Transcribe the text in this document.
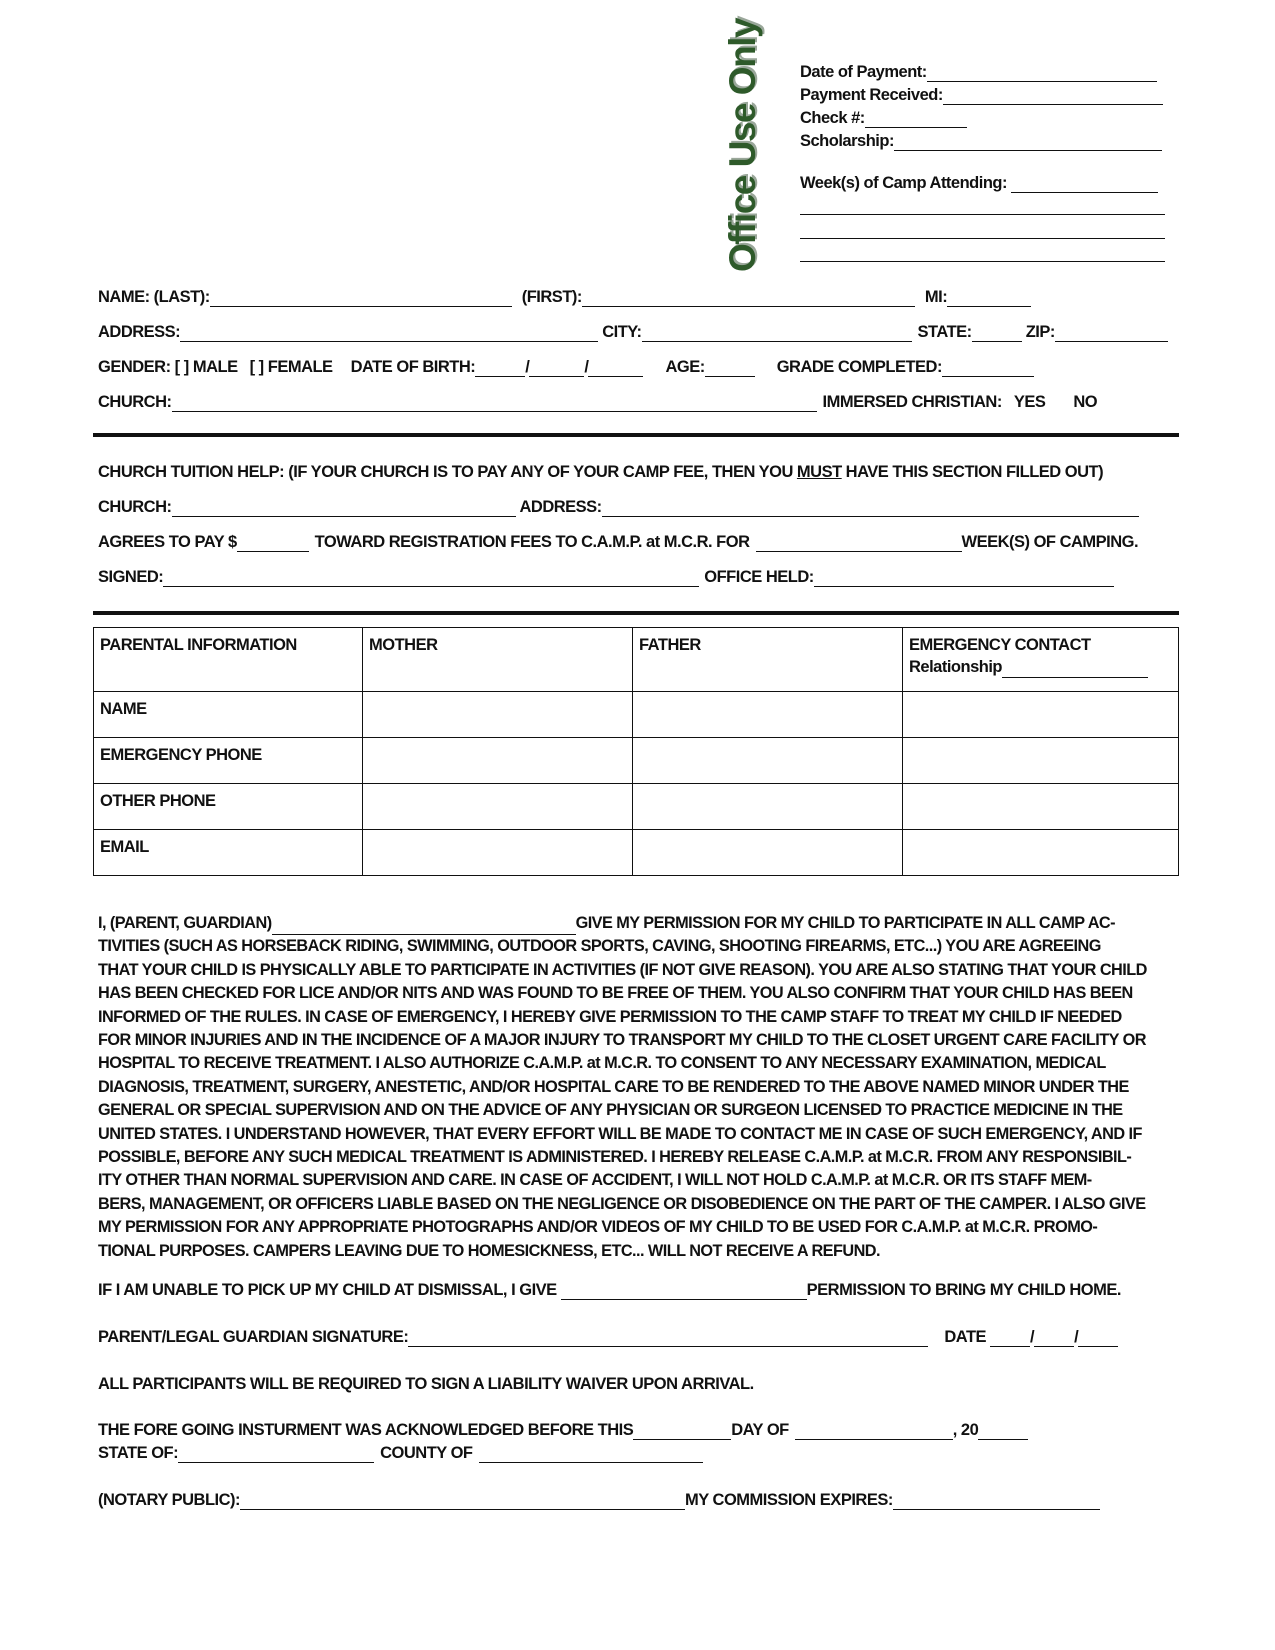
Office Use Only Date of Payment:
Payment Received:
Check #:
Scholarship:
Week(s) of Camp Attending:
NAME: (LAST):	(FIRST):	MI:
ADDRESS:	CITY:	STATE:	ZIP:
GENDER: [ ] MALE [ ] FEMALE DATE OF BIRTH:	/	/	AGE:	GRADE COMPLETED:
CHURCH:	IMMERSED CHRISTIAN: YES NO
CHURCH TUITION HELP: (IF YOUR CHURCH IS TO PAY ANY OF YOUR CAMP FEE, THEN YOU MUST HAVE THIS SECTION FILLED OUT)
CHURCH:	ADDRESS:
AGREES TO PAY $	TOWARD REGISTRATION FEES TO C.A.M.P. at M.C.R. FOR	WEEK(S) OF CAMPING.
SIGNED:	OFFICE HELD:
PARENTAL INFORMATION	MOTHER	FATHER	EMERGENCY CONTACT
Relationship

NAME			
EMERGENCY PHONE			
OTHER PHONE			
EMAIL			
I, (PARENT, GUARDIAN)	GIVE MY PERMISSION FOR MY CHILD TO PARTICIPATE IN ALL CAMP AC-
TIVITIES (SUCH AS HORSEBACK RIDING, SWIMMING, OUTDOOR SPORTS, CAVING, SHOOTING FIREARMS, ETC...) YOU ARE AGREEING
THAT YOUR CHILD IS PHYSICALLY ABLE TO PARTICIPATE IN ACTIVITIES (IF NOT GIVE REASON). YOU ARE ALSO STATING THAT YOUR CHILD
HAS BEEN CHECKED FOR LICE AND/OR NITS AND WAS FOUND TO BE FREE OF THEM. YOU ALSO CONFIRM THAT YOUR CHILD HAS BEEN
INFORMED OF THE RULES. IN CASE OF EMERGENCY, I HEREBY GIVE PERMISSION TO THE CAMP STAFF TO TREAT MY CHILD IF NEEDED
FOR MINOR INJURIES AND IN THE INCIDENCE OF A MAJOR INJURY TO TRANSPORT MY CHILD TO THE CLOSET URGENT CARE FACILITY OR
HOSPITAL TO RECEIVE TREATMENT. I ALSO AUTHORIZE C.A.M.P. at M.C.R. TO CONSENT TO ANY NECESSARY EXAMINATION, MEDICAL
DIAGNOSIS, TREATMENT, SURGERY, ANESTETIC, AND/OR HOSPITAL CARE TO BE RENDERED TO THE ABOVE NAMED MINOR UNDER THE
GENERAL OR SPECIAL SUPERVISION AND ON THE ADVICE OF ANY PHYSICIAN OR SURGEON LICENSED TO PRACTICE MEDICINE IN THE
UNITED STATES. I UNDERSTAND HOWEVER, THAT EVERY EFFORT WILL BE MADE TO CONTACT ME IN CASE OF SUCH EMERGENCY, AND IF
POSSIBLE, BEFORE ANY SUCH MEDICAL TREATMENT IS ADMINISTERED. I HEREBY RELEASE C.A.M.P. at M.C.R. FROM ANY RESPONSIBIL-
ITY OTHER THAN NORMAL SUPERVISION AND CARE. IN CASE OF ACCIDENT, I WILL NOT HOLD C.A.M.P. at M.C.R. OR ITS STAFF MEM-
BERS, MANAGEMENT, OR OFFICERS LIABLE BASED ON THE NEGLIGENCE OR DISOBEDIENCE ON THE PART OF THE CAMPER. I ALSO GIVE
MY PERMISSION FOR ANY APPROPRIATE PHOTOGRAPHS AND/OR VIDEOS OF MY CHILD TO BE USED FOR C.A.M.P. at M.C.R. PROMO-
TIONAL PURPOSES. CAMPERS LEAVING DUE TO HOMESICKNESS, ETC... WILL NOT RECEIVE A REFUND.
IF I AM UNABLE TO PICK UP MY CHILD AT DISMISSAL, I GIVE	PERMISSION TO BRING MY CHILD HOME.
PARENT/LEGAL GUARDIAN SIGNATURE:	DATE	/ /
ALL PARTICIPANTS WILL BE REQUIRED TO SIGN A LIABILITY WAIVER UPON ARRIVAL.
THE FORE GOING INSTURMENT WAS ACKNOWLEDGED BEFORE THIS	DAY OF	, 20
STATE OF:	COUNTY OF
(NOTARY PUBLIC):	MY COMMISSION EXPIRES:
